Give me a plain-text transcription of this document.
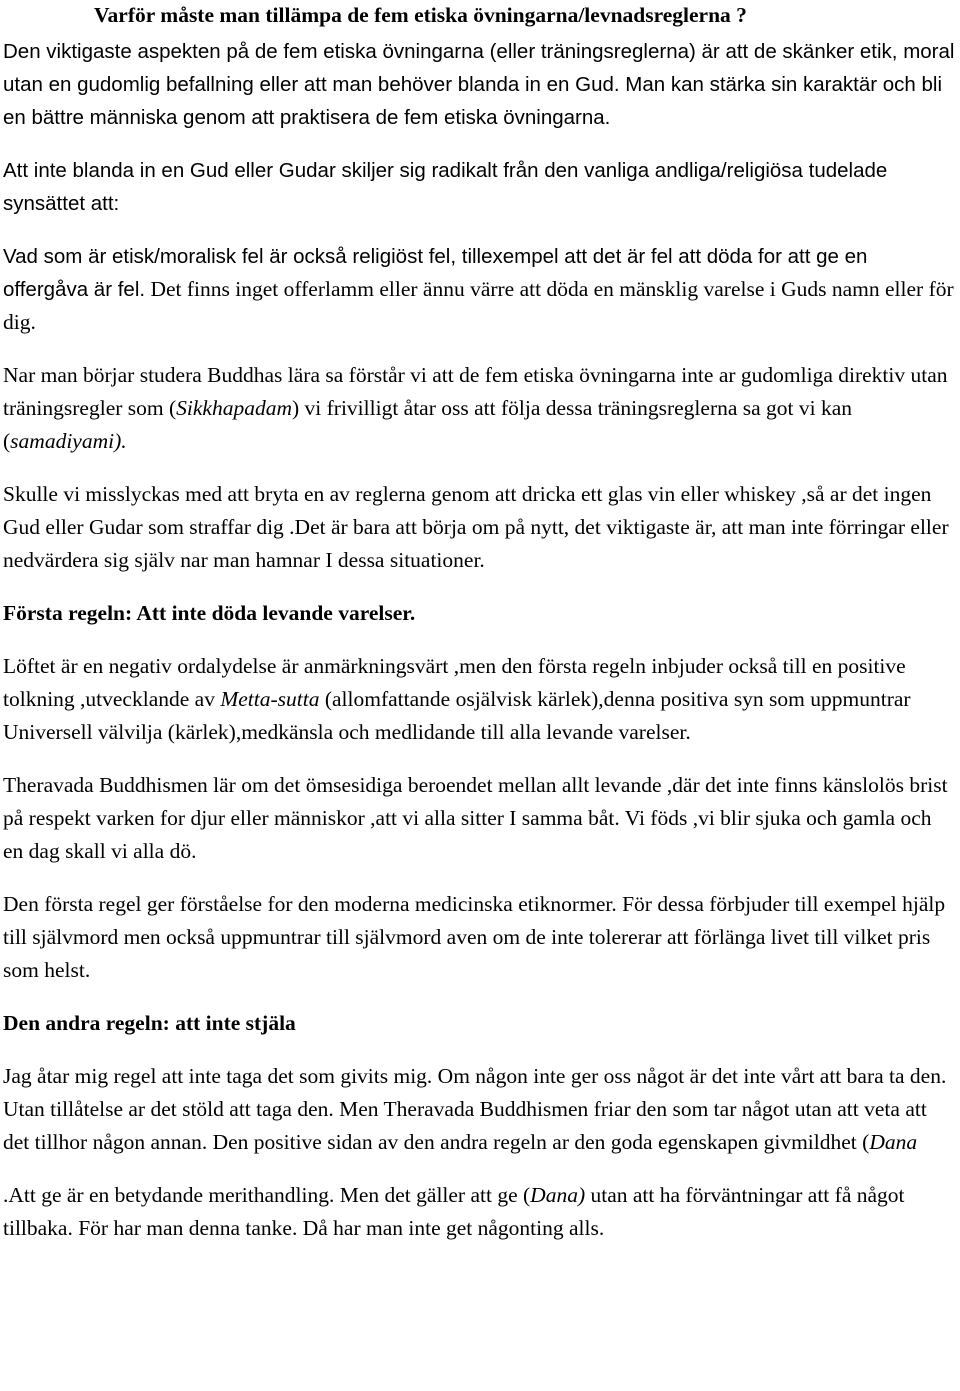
Varför måste man tillämpa de fem etiska övningarna/levnadsreglerna ?

Den viktigaste aspekten på de fem etiska övningarna (eller träningsreglerna) är att de skänker etik, moral utan en gudomlig befallning eller att man behöver blanda in en Gud. Man kan stärka sin karaktär och bli en bättre människa genom att praktisera de fem etiska övningarna.

Att inte blanda in en Gud eller Gudar skiljer sig radikalt från den vanliga andliga/religiösa tudelade synsättet att:

Vad som är etisk/moralisk fel är också religiöst fel, tillexempel att det är fel att döda for att ge en offergåva är fel. Det finns inget offerlamm eller ännu värre att döda en mänsklig varelse i Guds namn eller för dig.

Nar man börjar studera Buddhas lära sa förstår vi att de fem etiska övningarna inte ar gudomliga direktiv utan träningsregler som (Sikkhapadam) vi frivilligt åtar oss att följa dessa träningsreglerna sa got vi kan (samadiyami).

Skulle vi misslyckas med att bryta en av reglerna genom att dricka ett glas vin eller whiskey ,så ar det ingen Gud eller Gudar som straffar dig .Det är bara att börja om på nytt, det viktigaste är, att man inte förringar eller nedvärdera sig själv nar man hamnar I dessa situationer.

Första regeln: Att inte döda levande varelser.

Löftet är en negativ ordalydelse är anmärkningsvärt ,men den första regeln inbjuder också till en positive tolkning ,utvecklande av Metta-sutta (allomfattande osjälvisk kärlek),denna positiva syn som uppmuntrar Universell välvilja (kärlek),medkänsla och medlidande till alla levande varelser.

Theravada Buddhismen lär om det ömsesidiga beroendet mellan allt levande ,där det inte finns känslolös brist på respekt varken for djur eller människor ,att vi alla sitter I samma båt. Vi föds ,vi blir sjuka och gamla och en dag skall vi alla dö.

Den första regel ger förståelse for den moderna medicinska etiknormer. För dessa förbjuder till exempel hjälp till självmord men också uppmuntrar till självmord aven om de inte tolererar att förlänga livet till vilket pris som helst.

Den andra regeln: att inte stjäla

Jag åtar mig regel att inte taga det som givits mig. Om någon inte ger oss något är det inte vårt att bara ta den. Utan tillåtelse ar det stöld att taga den. Men Theravada Buddhismen friar den som tar något utan att veta att det tillhor någon annan. Den positive sidan av den andra regeln ar den goda egenskapen givmildhet (Dana

.Att ge är en betydande merithandling. Men det gäller att ge (Dana) utan att ha förväntningar att få något tillbaka. För har man denna tanke. Då har man inte get någonting alls.
